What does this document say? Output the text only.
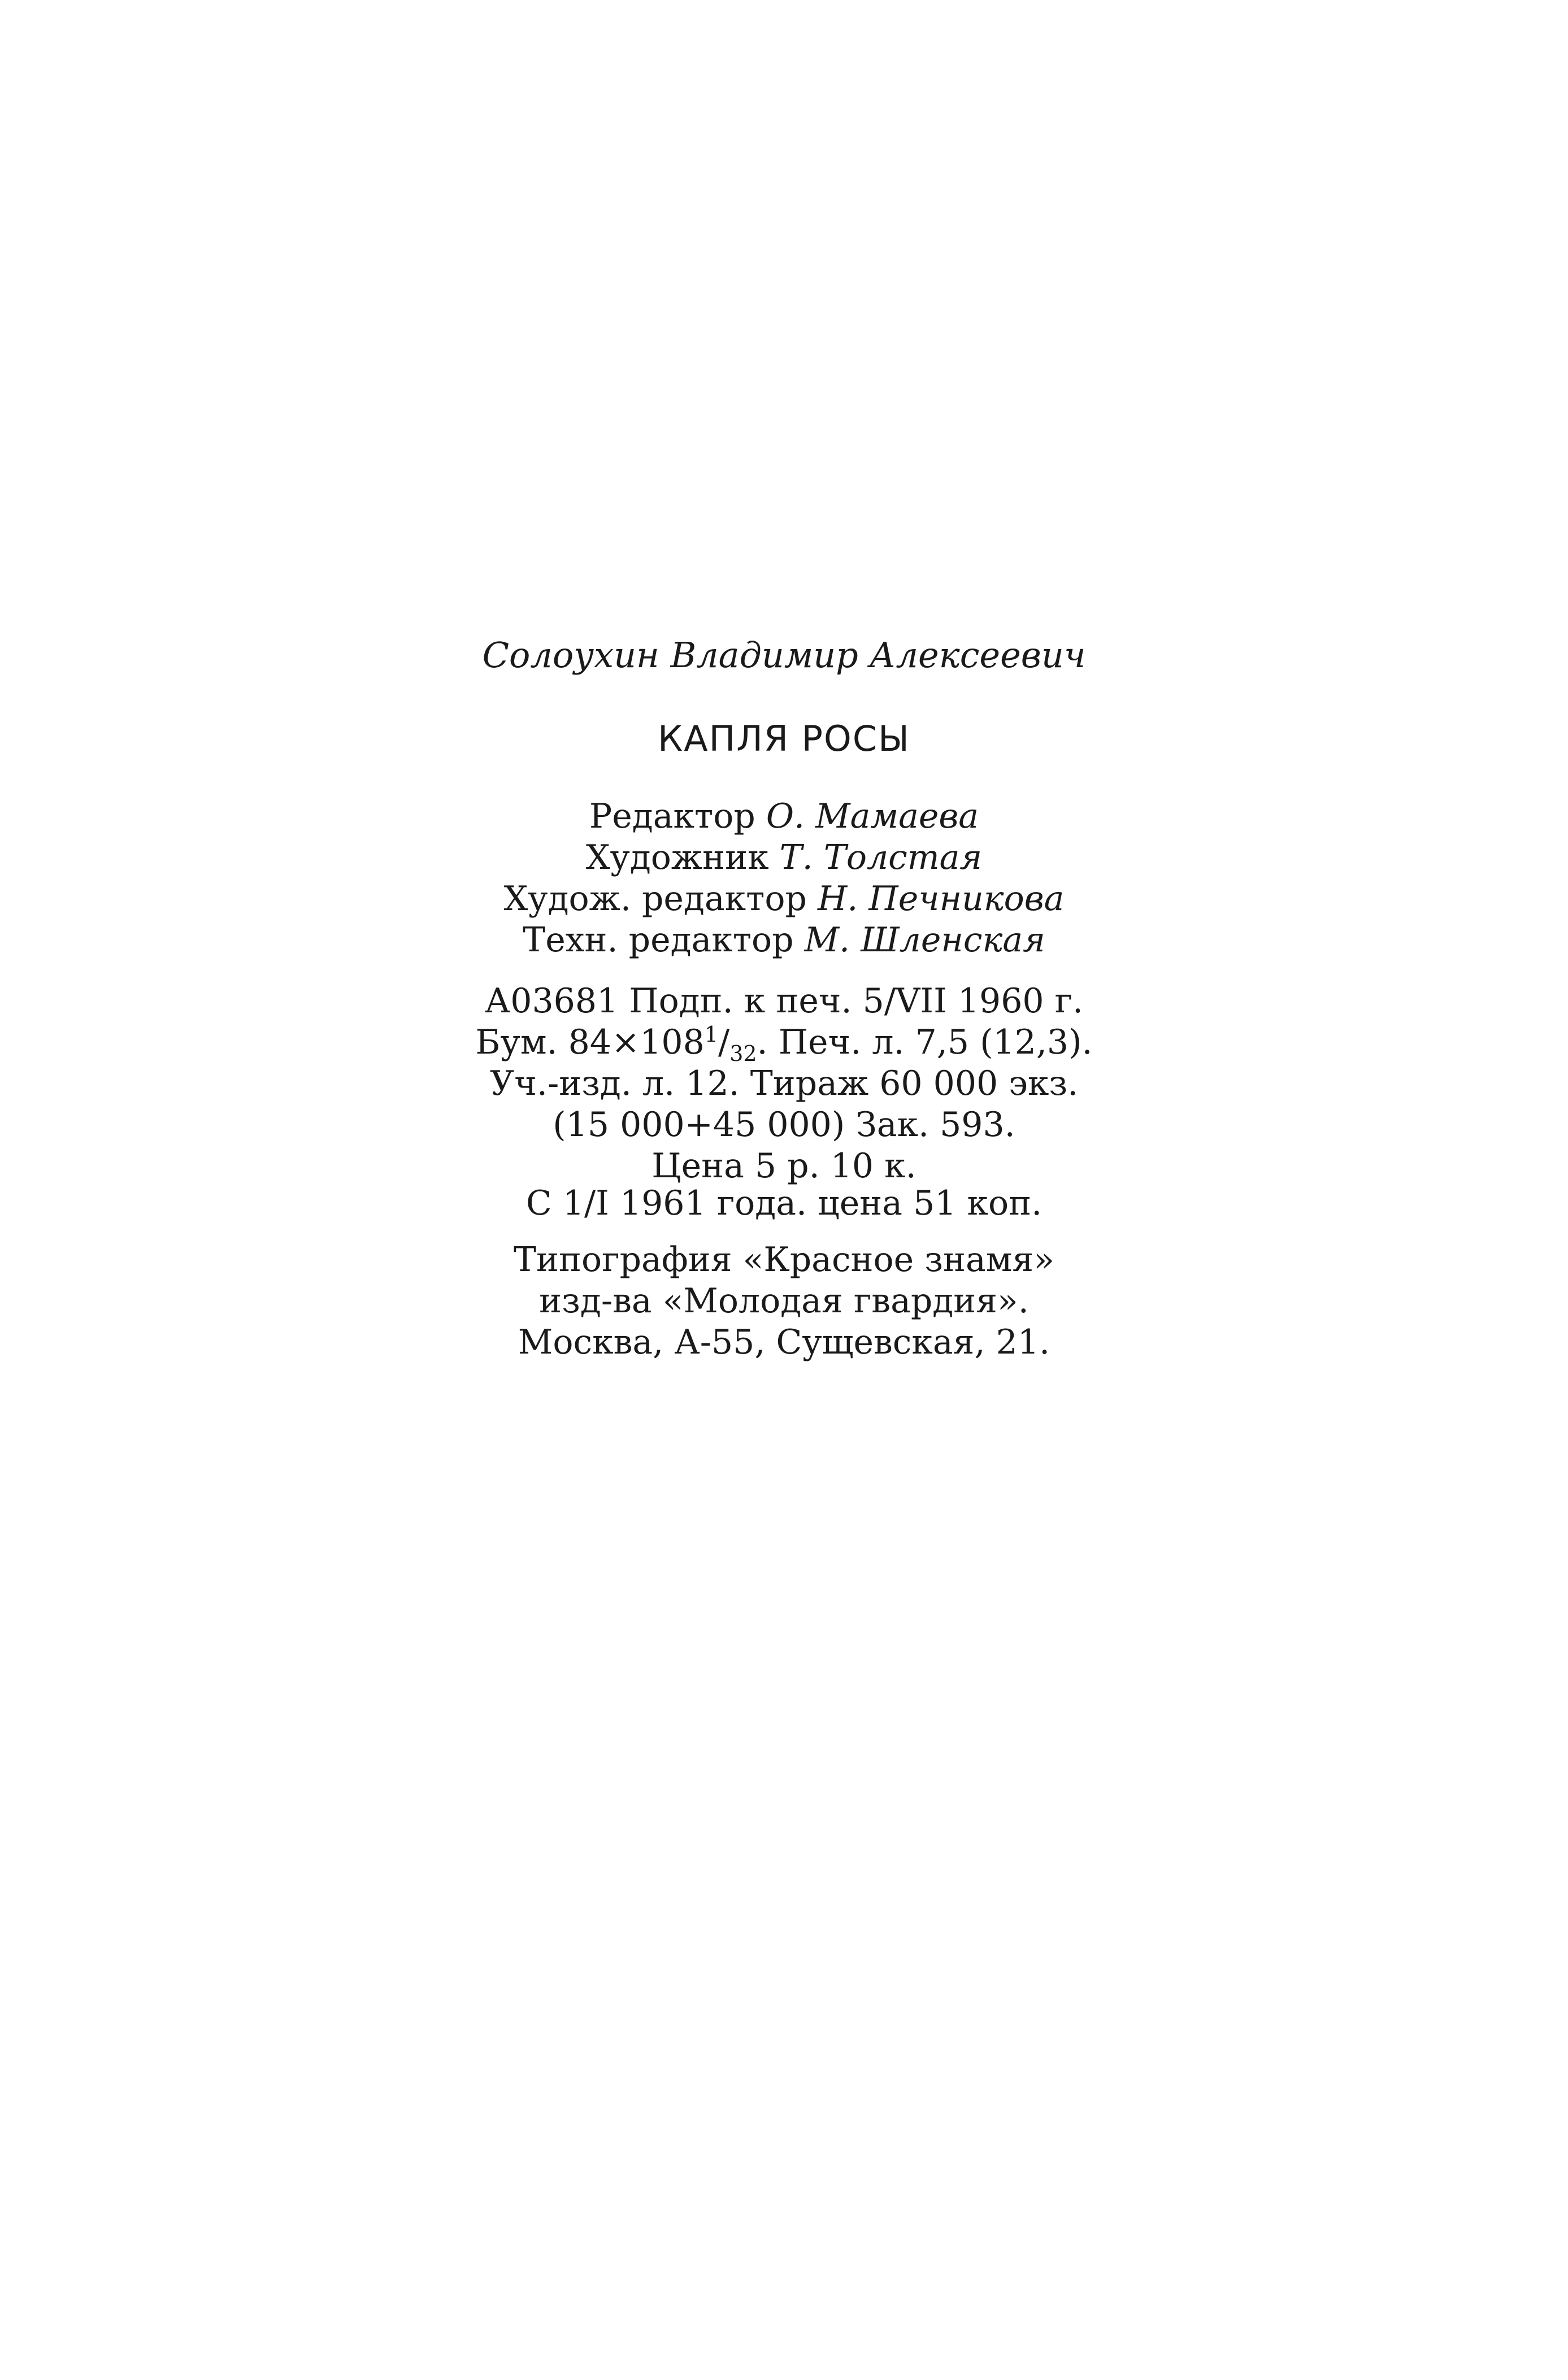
Солоухин Владимир Алексеевич
КАПЛЯ РОСЫ
Редактор О. Мамаева
Художник Т. Толстая
Худож. редактор Н. Печникова
Техн. редактор М. Шленская
А03681 Подп. к печ. 5/VII 1960 г.
Бум. $84\times 108^1/_{32}$. Печ. л. 7,5 (12,3).
Уч.-изд. л. 12. Тираж 60 000 экз.
(15 000+45 000) Зак. 593.
Цена 5 р. 10 к.
С 1/I 1961 года. цена 51 коп.
Типография «Красное знамя»
изд-ва «Молодая гвардия».
Москва, А-55, Сущевская, 21.
